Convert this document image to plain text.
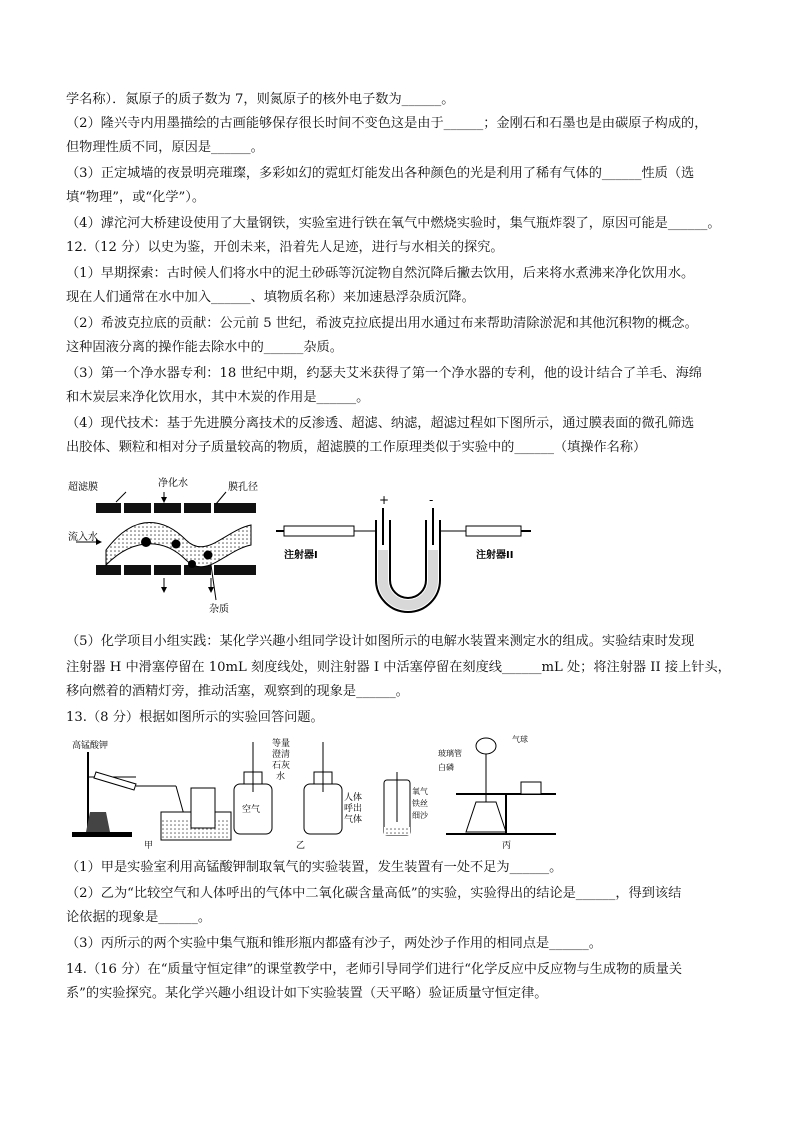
学名称）．氮原子的质子数为 7，则氮原子的核外电子数为______。
（2）隆兴寺内用墨描绘的古画能够保存很长时间不变色这是由于______；金刚石和石墨也是由碳原子构成的，
但物理性质不同，原因是______。
（3）正定城墙的夜景明亮璀璨，多彩如幻的霓虹灯能发出各种颜色的光是利用了稀有气体的______性质（选
填“物理”，或“化学”）。
（4）滹沱河大桥建设使用了大量钢铁，实验室进行铁在氧气中燃烧实验时，集气瓶炸裂了，原因可能是______。
12.（12 分）以史为鉴，开创未来，沿着先人足迹，进行与水相关的探究。
（1）早期探索：古时候人们将水中的泥土砂砾等沉淀物自然沉降后撇去饮用，后来将水煮沸来净化饮用水。
现在人们通常在水中加入______、填物质名称）来加速悬浮杂质沉降。
（2）希波克拉底的贡献：公元前 5 世纪，希波克拉底提出用水通过布来帮助清除淤泥和其他沉积物的概念。
这种固液分离的操作能去除水中的______杂质。
（3）第一个净水器专利：18 世纪中期，约瑟夫艾米获得了第一个净水器的专利，他的设计结合了羊毛、海绵
和木炭层来净化饮用水，其中木炭的作用是______。
（4）现代技术：基于先进膜分离技术的反渗透、超滤、纳滤，超滤过程如下图所示，通过膜表面的微孔筛选
出胶体、颗粒和相对分子质量较高的物质，超滤膜的工作原理类似于实验中的______（填操作名称）
超滤膜	净化水	膜孔径
流入水
杂质
+	-
注射器I	注射器II
（5）化学项目小组实践：某化学兴趣小组同学设计如图所示的电解水装置来测定水的组成。实验结束时发现
注射器 H 中滑塞停留在 10mL 刻度线处，则注射器 I 中活塞停留在刻度线______mL 处；将注射器 II 接上针头，
移向燃着的酒精灯旁，推动活塞，观察到的现象是______。
13.（8 分）根据如图所示的实验回答问题。
高锰酸钾
甲
等量
澄清
石灰
水
空气
人体
呼出
气体
乙
氧气
铁丝
细沙
玻璃管
气球
白磷
丙
（1）甲是实验室利用高锰酸钾制取氧气的实验装置，发生装置有一处不足为______。
（2）乙为“比较空气和人体呼出的气体中二氧化碳含量高低”的实验，实验得出的结论是______，得到该结
论依据的现象是______。
（3）丙所示的两个实验中集气瓶和锥形瓶内都盛有沙子，两处沙子作用的相同点是______。
14.（16 分）在“质量守恒定律”的课堂教学中，老师引导同学们进行“化学反应中反应物与生成物的质量关
系”的实验探究。某化学兴趣小组设计如下实验装置（天平略）验证质量守恒定律。
